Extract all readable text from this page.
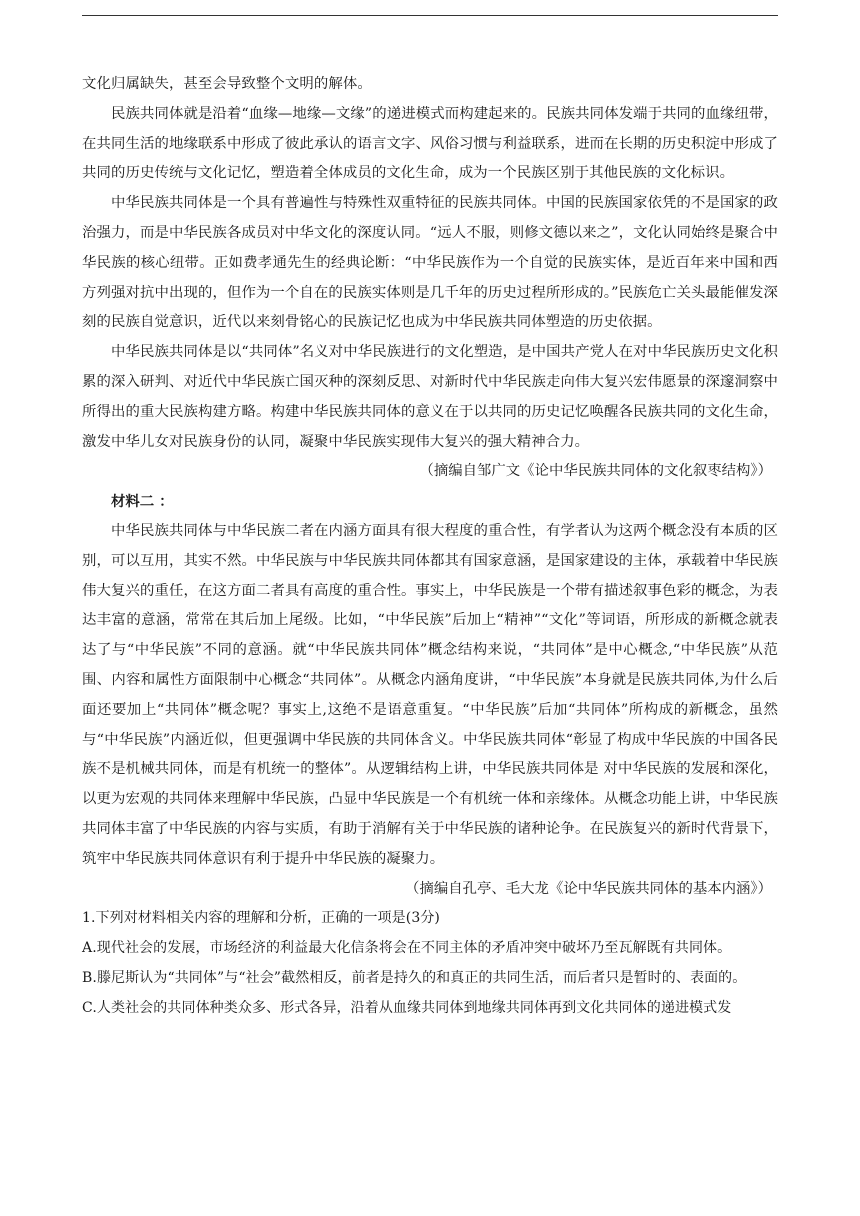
文化归属缺失，甚至会导致整个文明的解体。

民族共同体就是沿着“血缘—地缘—文缘”的递进模式而构建起来的。民族共同体发端于共同的血缘纽带，在共同生活的地缘联系中形成了彼此承认的语言文字、风俗习惯与利益联系，进而在长期的历史积淀中形成了共同的历史传统与文化记忆，塑造着全体成员的文化生命，成为一个民族区别于其他民族的文化标识。

中华民族共同体是一个具有普遍性与特殊性双重特征的民族共同体。中国的民族国家依凭的不是国家的政治强力，而是中华民族各成员对中华文化的深度认同。“远人不服，则修文德以来之”，文化认同始终是聚合中华民族的核心纽带。正如费孝通先生的经典论断：“中华民族作为一个自觉的民族实体，是近百年来中国和西方列强对抗中出现的，但作为一个自在的民族实体则是几千年的历史过程所形成的。”民族危亡关头最能催发深刻的民族自觉意识，近代以来刻骨铭心的民族记忆也成为中华民族共同体塑造的历史依据。

中华民族共同体是以“共同体”名义对中华民族进行的文化塑造，是中国共产党人在对中华民族历史文化积累的深入研判、对近代中华民族亡国灭种的深刻反思、对新时代中华民族走向伟大复兴宏伟愿景的深邃洞察中所得出的重大民族构建方略。构建中华民族共同体的意义在于以共同的历史记忆唤醒各民族共同的文化生命，激发中华儿女对民族身份的认同，凝聚中华民族实现伟大复兴的强大精神合力。

（摘编自邹广文《论中华民族共同体的文化叙枣结构》）

材料二 ：

中华民族共同体与中华民族二者在内涵方面具有很大程度的重合性，有学者认为这两个概念没有本质的区别，可以互用，其实不然。中华民族与中华民族共同体都其有国家意涵，是国家建设的主体，承载着中华民族伟大复兴的重任，在这方面二者具有高度的重合性。事实上，中华民族是一个带有描述叙事色彩的概念，为表达丰富的意涵，常常在其后加上尾级。比如，“中华民族”后加上“精神”“文化”等词语，所形成的新概念就表达了与“中华民族”不同的意涵。就“中华民族共同体”概念结构来说，“共同体”是中心概念,“中华民族”从范围、内容和属性方面限制中心概念“共同体”。从概念内涵角度讲，“中华民族”本身就是民族共同体,为什么后面还要加上“共同体”概念呢？事实上,这绝不是语意重复。“中华民族”后加“共同体”所构成的新概念，虽然与“中华民族”内涵近似，但更强调中华民族的共同体含义。中华民族共同体“彰显了构成中华民族的中国各民族不是机械共同体，而是有机统一的整体”。从逻辑结构上讲，中华民族共同体是 对中华民族的发展和深化，以更为宏观的共同体来理解中华民族，凸显中华民族是一个有机统一体和亲缘体。从概念功能上讲，中华民族共同体丰富了中华民族的内容与实质，有助于消解有关于中华民族的诸种论争。在民族复兴的新时代背景下，筑牢中华民族共同体意识有利于提升中华民族的凝聚力。

（摘编自孔亭、毛大龙《论中华民族共同体的基本内涵》）

1.下列对材料相关内容的理解和分析，正确的一项是(3分)

A.现代社会的发展，市场经济的利益最大化信条将会在不同主体的矛盾冲突中破坏乃至瓦解既有共同体。

B.滕尼斯认为“共同体”与“社会”截然相反，前者是持久的和真正的共同生活，而后者只是暂时的、表面的。

C.人类社会的共同体种类众多、形式各异，沿着从血缘共同体到地缘共同体再到文化共同体的递进模式发
